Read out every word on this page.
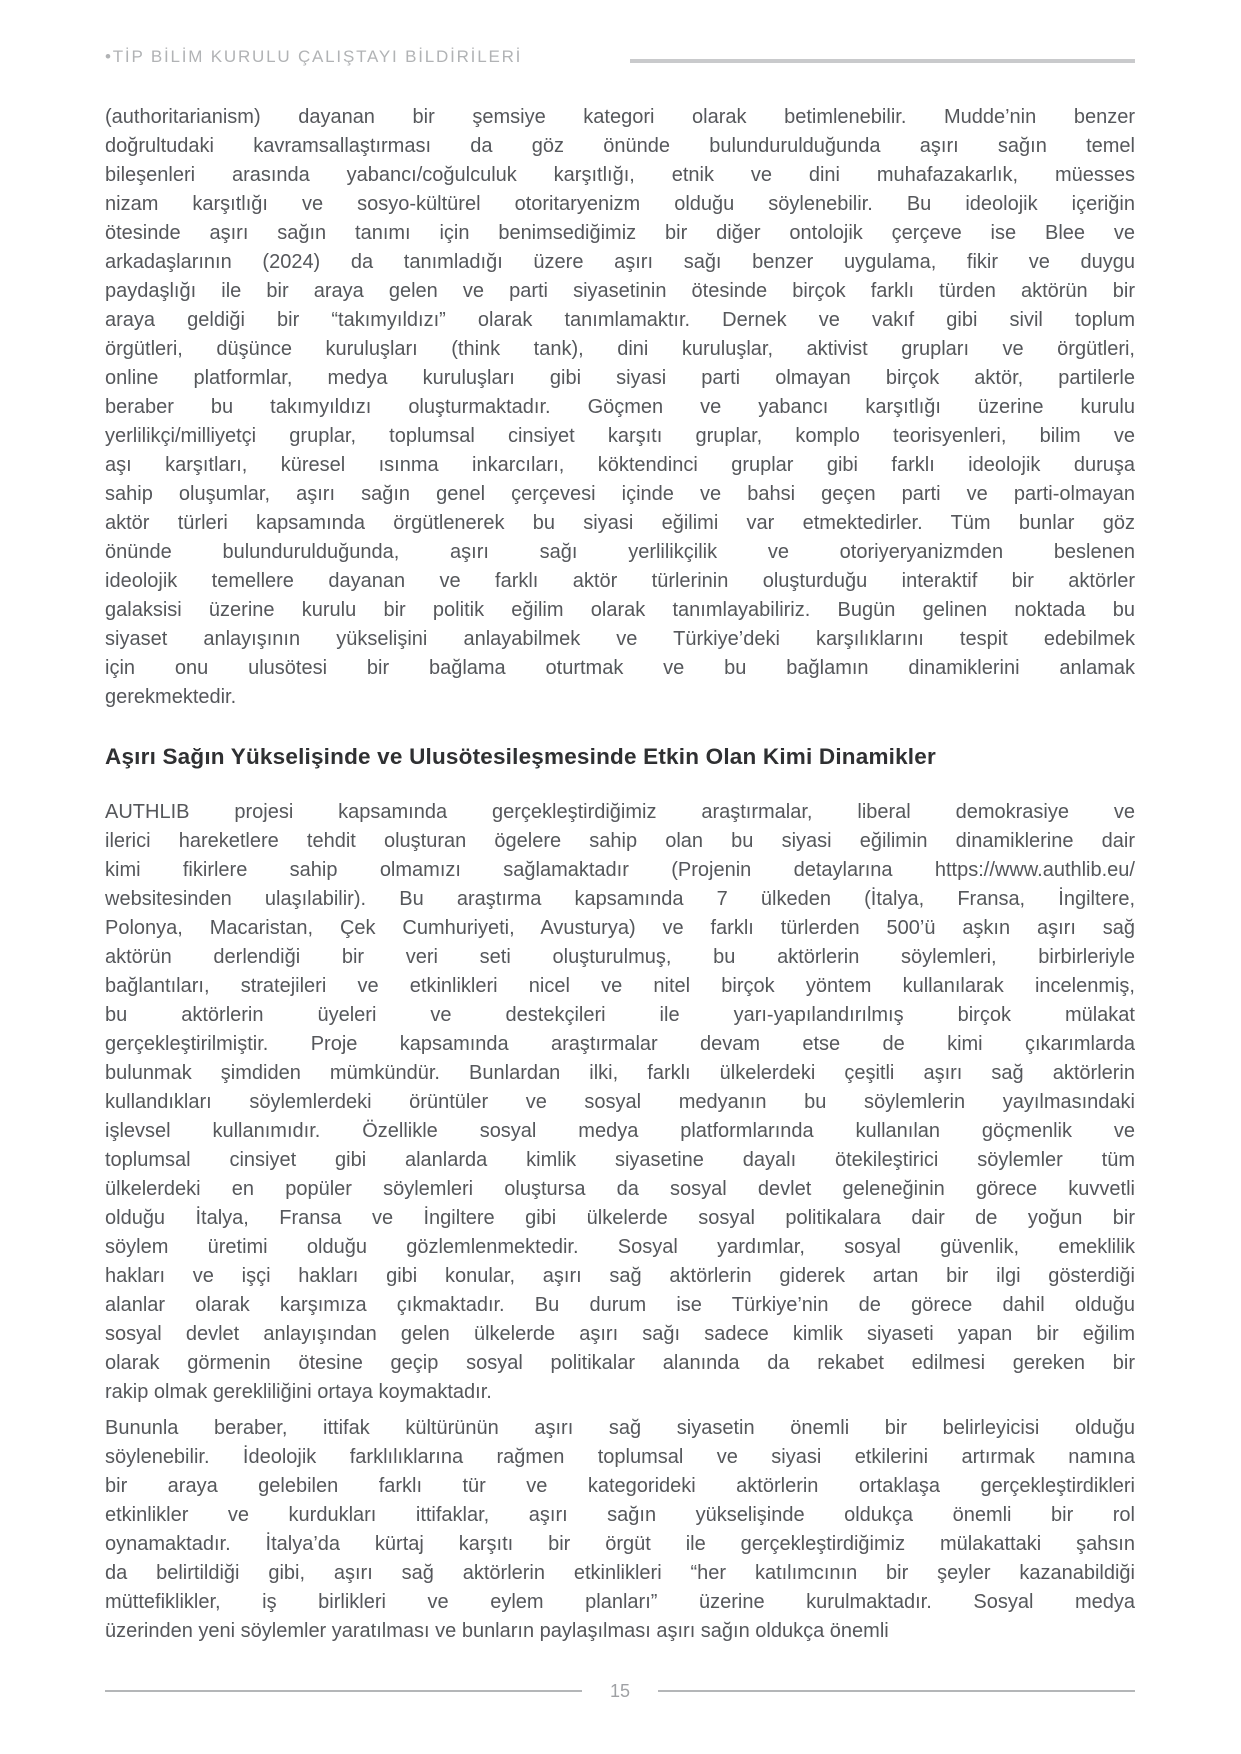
•TİP BİLİM KURULU ÇALIŞTAYI BİLDİRİLERİ
(authoritarianism) dayanan bir şemsiye kategori olarak betimlenebilir. Mudde’nin benzer
doğrultudaki kavramsallaştırması da göz önünde bulundurulduğunda aşırı sağın temel
bileşenleri arasında yabancı/coğulculuk karşıtlığı, etnik ve dini muhafazakarlık, müesses
nizam karşıtlığı ve sosyo-kültürel otoritaryenizm olduğu söylenebilir. Bu ideolojik içeriğin
ötesinde aşırı sağın tanımı için benimsediğimiz bir diğer ontolojik çerçeve ise Blee ve
arkadaşlarının (2024) da tanımladığı üzere aşırı sağı benzer uygulama, fikir ve duygu
paydaşlığı ile bir araya gelen ve parti siyasetinin ötesinde birçok farklı türden aktörün bir
araya geldiği bir “takımyıldızı” olarak tanımlamaktır. Dernek ve vakıf gibi sivil toplum
örgütleri, düşünce kuruluşları (think tank), dini kuruluşlar, aktivist grupları ve örgütleri,
online platformlar, medya kuruluşları gibi siyasi parti olmayan birçok aktör, partilerle
beraber bu takımyıldızı oluşturmaktadır. Göçmen ve yabancı karşıtlığı üzerine kurulu
yerlilikçi/milliyetçi gruplar, toplumsal cinsiyet karşıtı gruplar, komplo teorisyenleri, bilim ve
aşı karşıtları, küresel ısınma inkarcıları, köktendinci gruplar gibi farklı ideolojik duruşa
sahip oluşumlar, aşırı sağın genel çerçevesi içinde ve bahsi geçen parti ve parti-olmayan
aktör türleri kapsamında örgütlenerek bu siyasi eğilimi var etmektedirler. Tüm bunlar göz
önünde bulundurulduğunda, aşırı sağı yerlilikçilik ve otoriyeryanizmden beslenen
ideolojik temellere dayanan ve farklı aktör türlerinin oluşturduğu interaktif bir aktörler
galaksisi üzerine kurulu bir politik eğilim olarak tanımlayabiliriz. Bugün gelinen noktada bu
siyaset anlayışının yükselişini anlayabilmek ve Türkiye’deki karşılıklarını tespit edebilmek
için onu ulusötesi bir bağlama oturtmak ve bu bağlamın dinamiklerini anlamak
gerekmektedir.
Aşırı Sağın Yükselişinde ve Ulusötesileşmesinde Etkin Olan Kimi Dinamikler
AUTHLIB projesi kapsamında gerçekleştirdiğimiz araştırmalar, liberal demokrasiye ve
ilerici hareketlere tehdit oluşturan ögelere sahip olan bu siyasi eğilimin dinamiklerine dair
kimi fikirlere sahip olmamızı sağlamaktadır (Projenin detaylarına https://www.authlib.eu/
websitesinden ulaşılabilir). Bu araştırma kapsamında 7 ülkeden (İtalya, Fransa, İngiltere,
Polonya, Macaristan, Çek Cumhuriyeti, Avusturya) ve farklı türlerden 500’ü aşkın aşırı sağ
aktörün derlendiği bir veri seti oluşturulmuş, bu aktörlerin söylemleri, birbirleriyle
bağlantıları, stratejileri ve etkinlikleri nicel ve nitel birçok yöntem kullanılarak incelenmiş,
bu aktörlerin üyeleri ve destekçileri ile yarı-yapılandırılmış birçok mülakat
gerçekleştirilmiştir. Proje kapsamında araştırmalar devam etse de kimi çıkarımlarda
bulunmak şimdiden mümkündür. Bunlardan ilki, farklı ülkelerdeki çeşitli aşırı sağ aktörlerin
kullandıkları söylemlerdeki örüntüler ve sosyal medyanın bu söylemlerin yayılmasındaki
işlevsel kullanımıdır. Özellikle sosyal medya platformlarında kullanılan göçmenlik ve
toplumsal cinsiyet gibi alanlarda kimlik siyasetine dayalı ötekileştirici söylemler tüm
ülkelerdeki en popüler söylemleri oluştursa da sosyal devlet geleneğinin görece kuvvetli
olduğu İtalya, Fransa ve İngiltere gibi ülkelerde sosyal politikalara dair de yoğun bir
söylem üretimi olduğu gözlemlenmektedir. Sosyal yardımlar, sosyal güvenlik, emeklilik
hakları ve işçi hakları gibi konular, aşırı sağ aktörlerin giderek artan bir ilgi gösterdiği
alanlar olarak karşımıza çıkmaktadır. Bu durum ise Türkiye’nin de görece dahil olduğu
sosyal devlet anlayışından gelen ülkelerde aşırı sağı sadece kimlik siyaseti yapan bir eğilim
olarak görmenin ötesine geçip sosyal politikalar alanında da rekabet edilmesi gereken bir
rakip olmak gerekliliğini ortaya koymaktadır.
Bununla beraber, ittifak kültürünün aşırı sağ siyasetin önemli bir belirleyicisi olduğu
söylenebilir. İdeolojik farklılıklarına rağmen toplumsal ve siyasi etkilerini artırmak namına
bir araya gelebilen farklı tür ve kategorideki aktörlerin ortaklaşa gerçekleştirdikleri
etkinlikler ve kurdukları ittifaklar, aşırı sağın yükselişinde oldukça önemli bir rol
oynamaktadır. İtalya’da kürtaj karşıtı bir örgüt ile gerçekleştirdiğimiz mülakattaki şahsın
da belirtildiği gibi, aşırı sağ aktörlerin etkinlikleri “her katılımcının bir şeyler kazanabildiği
müttefiklikler, iş birlikleri ve eylem planları” üzerine kurulmaktadır. Sosyal medya
üzerinden yeni söylemler yaratılması ve bunların paylaşılması aşırı sağın oldukça önemli
15
